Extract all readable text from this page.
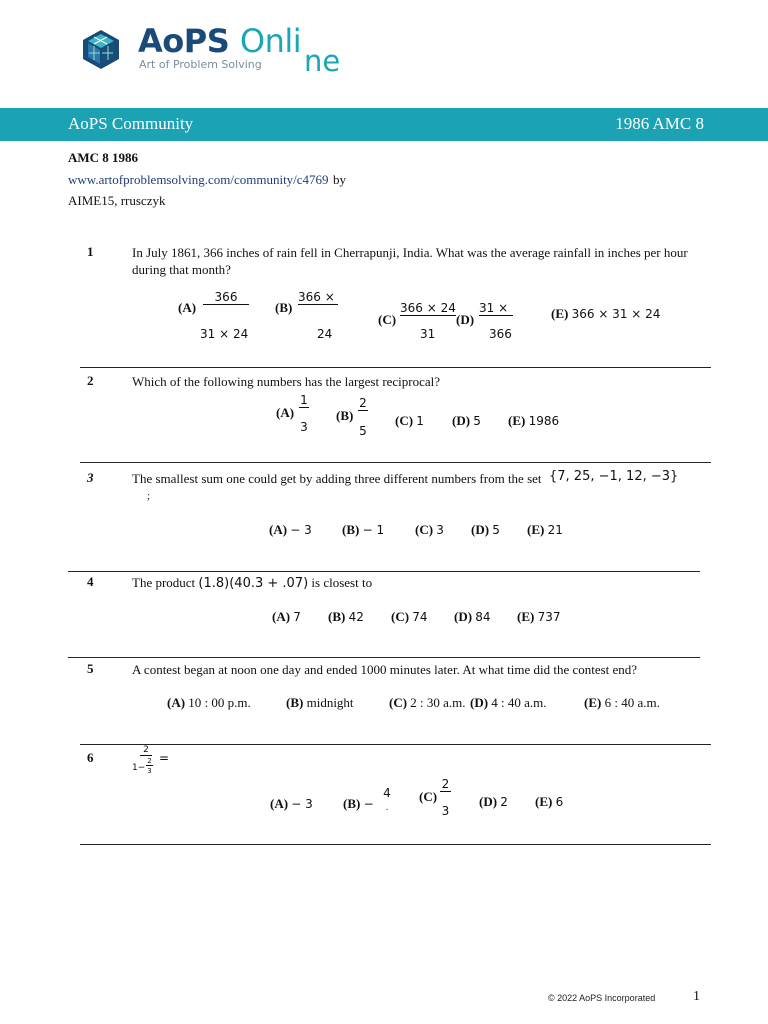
AoPS Onli
Art of Problem Solving ne
AoPS Community	1986 AMC 8
AMC 8 1986
www.artofproblemsolving.com/community/c4769 by
AIME15, rrusczyk
1	In July 1861, 366 inches of rain fell in Cherrapunji, India. What was the average rainfall in inches per hour during that month?
(A)
366
31 × 24
(B)
366 ×
24
(C)
366 × 24
31
(D)
31 ×
366
(E) 366 × 31 × 24
2	Which of the following numbers has the largest reciprocal?
(A)
1
3
(B)
2
5
(C) 1 (D) 5 (E) 1986
3	The smallest sum one could get by adding three different numbers from the set {7, 25, −1, 12, −3}
;
(A) − 3 (B) − 1 (C) 3 (D) 5 (E) 21
4	The product (1.8)(40.3 + .07) is closest to
(A) 7 (B) 42 (C) 74 (D) 84 (E) 737
5	A contest began at noon one day and ended 1000 minutes later. At what time did the contest end?
(A) 10 : 00 p.m.	(B) midnight	(C) 2 : 30 a.m. (D) 4 : 40 a.m.	(E) 6 : 40 a.m.
6	2
1−
2
3
=
(A) − 3 (B) −
4
.
(C)
2
3
(D) 2 (E) 6
© 2022 AoPS Incorporated	1
